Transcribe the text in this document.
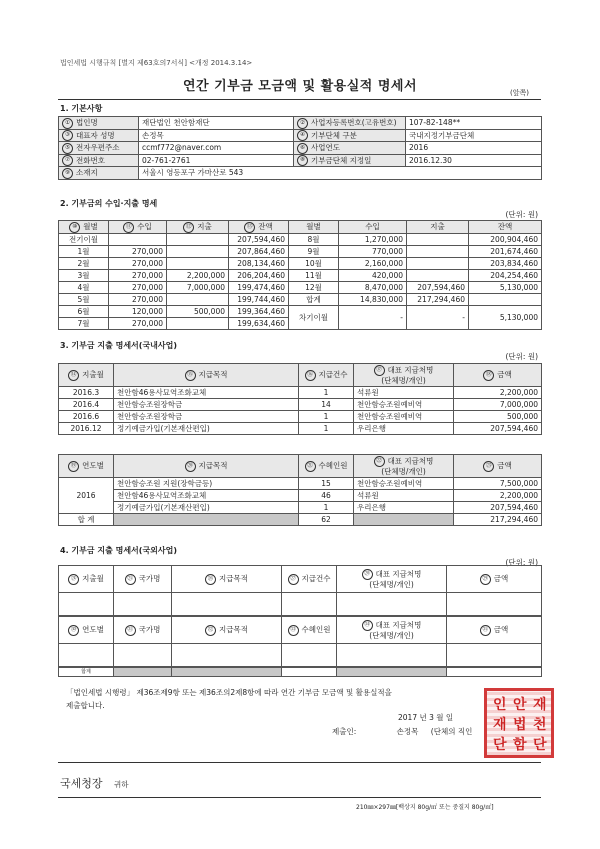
법인세법 시행규칙 [별지 제63호의7서식] <개정 2014.3.14>
연간 기부금 모금액 및 활용실적 명세서	(앞쪽)
1. 기본사항
① 법인명	재단법인 천안함재단	② 사업자등록번호(고유번호)	107-82-148**
③ 대표자 성명	손정목	④ 기부단체 구분	국내지정기부금단체
⑤ 전자우편주소	ccmf772@naver.com	⑥ 사업연도	2016
⑦ 전화번호	02-761-2761	⑧ 기부금단체 지정일	2016.12.30
⑨ 소재지	서울시 영등포구 가마산로 543		
2. 기부금의 수입·지출 명세
(단위: 원)
⑩ 월별	⑪ 수입	⑫ 지출	⑬ 잔액	월별	수입	지출	잔액
전기이월			207,594,460	8월	1,270,000		200,904,460
1월	270,000		207,864,460	9월	770,000		201,674,460
2월	270,000		208,134,460	10월	2,160,000		203,834,460
3월	270,000	2,200,000	206,204,460	11월	420,000		204,254,460
4월	270,000	7,000,000	199,474,460	12월	8,470,000	207,594,460	5,130,000
5월	270,000		199,744,460	합계	14,830,000	217,294,460	
6월	120,000	500,000	199,364,460	차기이월	-	-	5,130,000
7월	270,000		199,634,460				
3. 기부금 지출 명세서(국내사업)
(단위: 원)
⑭ 지출월	⑮ 지급목적	⑯ 지급건수	⑰ 대표 지급처명
(단체명/개인)	⑱ 금액
2016.3	천안함46용사묘역조화교체	1	석류원	2,200,000
2016.4	천안함승조원장학금	14	천안함승조원예비역	7,000,000
2016.6	천안함승조원장학금	1	천안함승조원예비역	500,000
2016.12	정기예금가입(기본재산편입)	1	우리은행	207,594,460
⑲ 연도별	⑳ 지급목적	㉑ 수혜인원	㉒ 대표 지급처명
(단체명/개인)	㉓ 금액
2016	천안함승조원 지원(장학금등)	15	천안함승조원예비역	7,500,000
	천안함46용사묘역조화교체	46	석류원	2,200,000
	정기예금가입(기본재산편입)	1	우리은행	207,594,460
합 계		62		217,294,460
4. 기부금 지출 명세서(국외사업)
(단위: 원)
㉔ 지출월	㉕ 국가명	㉖ 지급목적	㉗ 지급건수	㉘ 대표 지급처명
(단체명/개인)	㉙ 금액

㉚ 연도별	㉛ 국가명	㉜ 지급목적	㉝ 수혜인원	㉞ 대표 지급처명
(단체명/개인)	㉟ 금액

합계					
「법인세법 시행령」 제36조제9항 또는 제36조의2제8항에 따라 연간 기부금 모금액 및 활용실적을
제출합니다.
2017 년 3 월 일
제출인:	손정목 (단체의 직인
재
천
단
안
법
함
인
재
단
국세청장 귀하
210㎜×297㎜[백상지 80g/㎡ 또는 중질지 80g/㎡]
